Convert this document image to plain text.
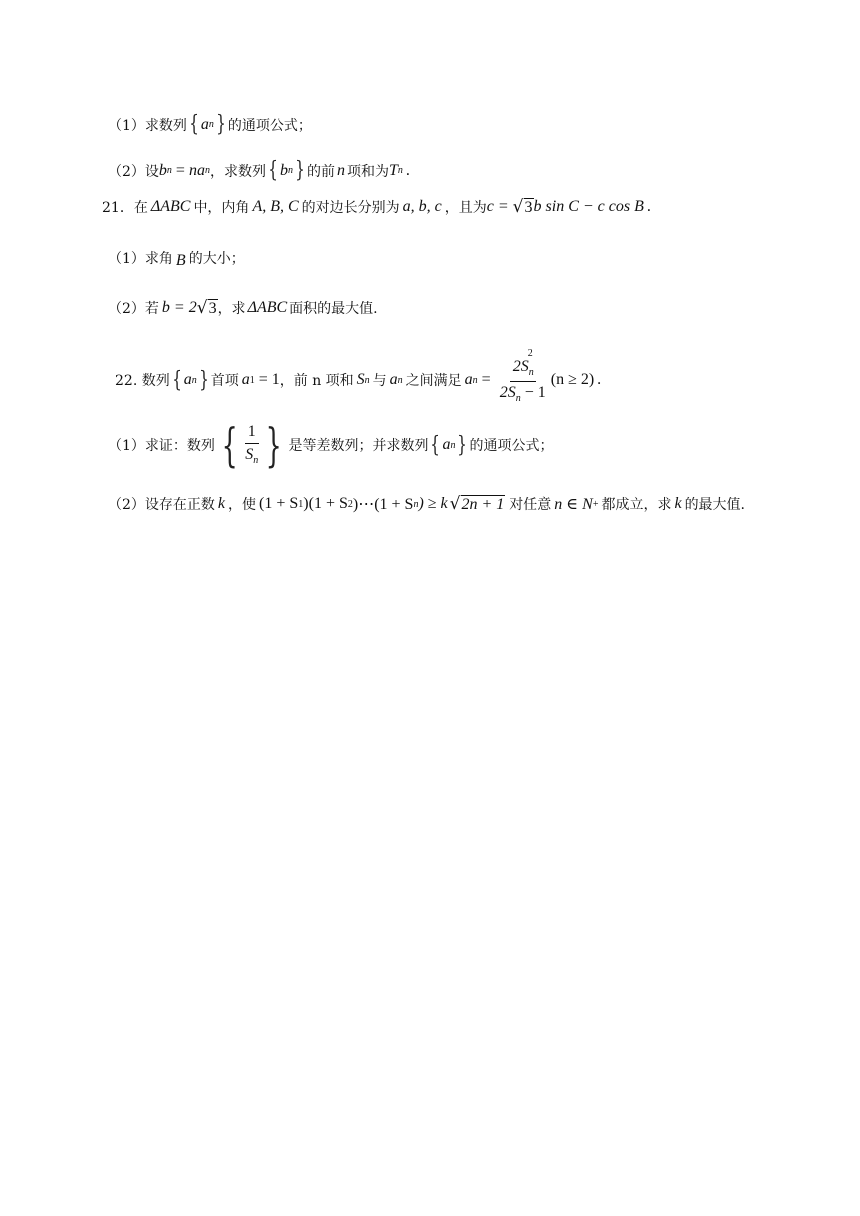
（1）求数列 { a n } 的通项公式；
（2）设 b n = na n ，求数列 { b n } 的前 n 项和为 T n .
21．在 ΔABC 中，内角 A, B, C 的对边长分别为 a, b, c ，且为 c = √ 3 b sin C − c cos B .
（1）求角 B 的大小；
（2）若 b = 2 √ 3 ，求 ΔABC 面积的最大值.
22. 数列 { a n } 首项 a 1 = 1 ，前 n 项和 S n 与 a n 之间满足 a $n = \frac{2S_n^2}{2S_n - 1} (n \ge 2)$ .
（1）求证：数列 { $\frac{1}{S_n}$ } 是等差数列；并求数列 { a n } 的通项公式；
（2）设存在正数 k ，使 (1 + S 1 )(1 + S 2 )⋯(1 + S n ) ≥ k √ 2n + 1 对任意 n ∈ N + 都成立，求 k 的最大值.
